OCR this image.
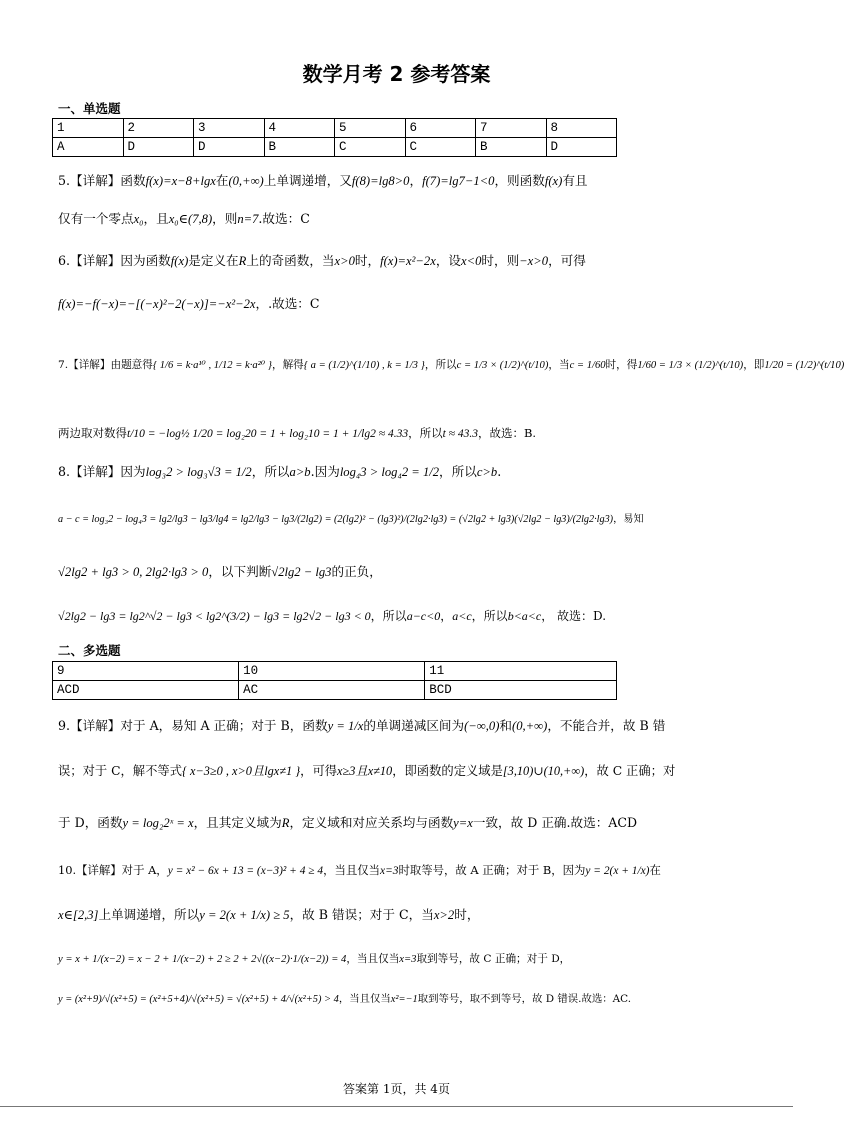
数学月考 2 参考答案
一、单选题
1	2	3	4	5	6	7	8
A	D	D	B	C	C	B	D
5.【详解】函数f(x)=x−8+lgx在(0,+∞)上单调递增，又f(8)=lg8>0，f(7)=lg7−1<0，则函数f(x)有且
仅有一个零点x₀，且x₀∈(7,8)，则n=7.故选：C
6.【详解】因为函数f(x)是定义在R上的奇函数，当x>0时，f(x)=x²−2x，设x<0时，则−x>0，可得
f(x)=−f(−x)=−[(−x)²−2(−x)]=−x²−2x，.故选：C
7.【详解】由题意得{ 1/6 = k·a¹⁰ , 1/12 = k·a²⁰ }，解得{ a = (1/2)^(1/10) , k = 1/3 }，所以c = 1/3 × (1/2)^(t/10)，当c = 1/60时，得1/60 = 1/3 × (1/2)^(t/10)，即1/20 = (1/2)^(t/10)
两边取对数得t/10 = −log½ 1/20 = log₂20 = 1 + log₂10 = 1 + 1/lg2 ≈ 4.33，所以t ≈ 43.3，故选：B.
8.【详解】因为log₃2 > log₃√3 = 1/2，所以a>b.因为log₄3 > log₄2 = 1/2，所以c>b.
a − c = log₃2 − log₄3 = lg2/lg3 − lg3/lg4 = lg2/lg3 − lg3/(2lg2) = (2(lg2)² − (lg3)²)/(2lg2·lg3) = (√2lg2 + lg3)(√2lg2 − lg3)/(2lg2·lg3)，易知
√2lg2 + lg3 > 0, 2lg2·lg3 > 0，以下判断√2lg2 − lg3的正负，
√2lg2 − lg3 = lg2^√2 − lg3 < lg2^(3/2) − lg3 = lg2√2 − lg3 < 0，所以a−c<0，a<c，所以b<a<c， 故选：D.
二、多选题
9	10	11
ACD	AC	BCD
9.【详解】对于 A，易知 A 正确；对于 B，函数y = 1/x的单调递减区间为(−∞,0)和(0,+∞)，不能合并，故 B 错
误；对于 C，解不等式{ x−3≥0 , x>0且lgx≠1 }，可得x≥3且x≠10，即函数的定义域是[3,10)∪(10,+∞)，故 C 正确；对
于 D，函数y = log₂2ˣ = x，且其定义域为R，定义域和对应关系均与函数y=x一致，故 D 正确.故选：ACD
10.【详解】对于 A，y = x² − 6x + 13 = (x−3)² + 4 ≥ 4，当且仅当x=3时取等号，故 A 正确；对于 B，因为y = 2(x + 1/x)在
x∈[2,3]上单调递增，所以y = 2(x + 1/x) ≥ 5，故 B 错误；对于 C，当x>2时，
y = x + 1/(x−2) = x − 2 + 1/(x−2) + 2 ≥ 2 + 2√((x−2)·1/(x−2)) = 4，当且仅当x=3取到等号，故 C 正确；对于 D，
y = (x²+9)/√(x²+5) = (x²+5+4)/√(x²+5) = √(x²+5) + 4/√(x²+5) > 4，当且仅当x²=−1取到等号，取不到等号，故 D 错误.故选：AC.
答案第 1页，共 4页
